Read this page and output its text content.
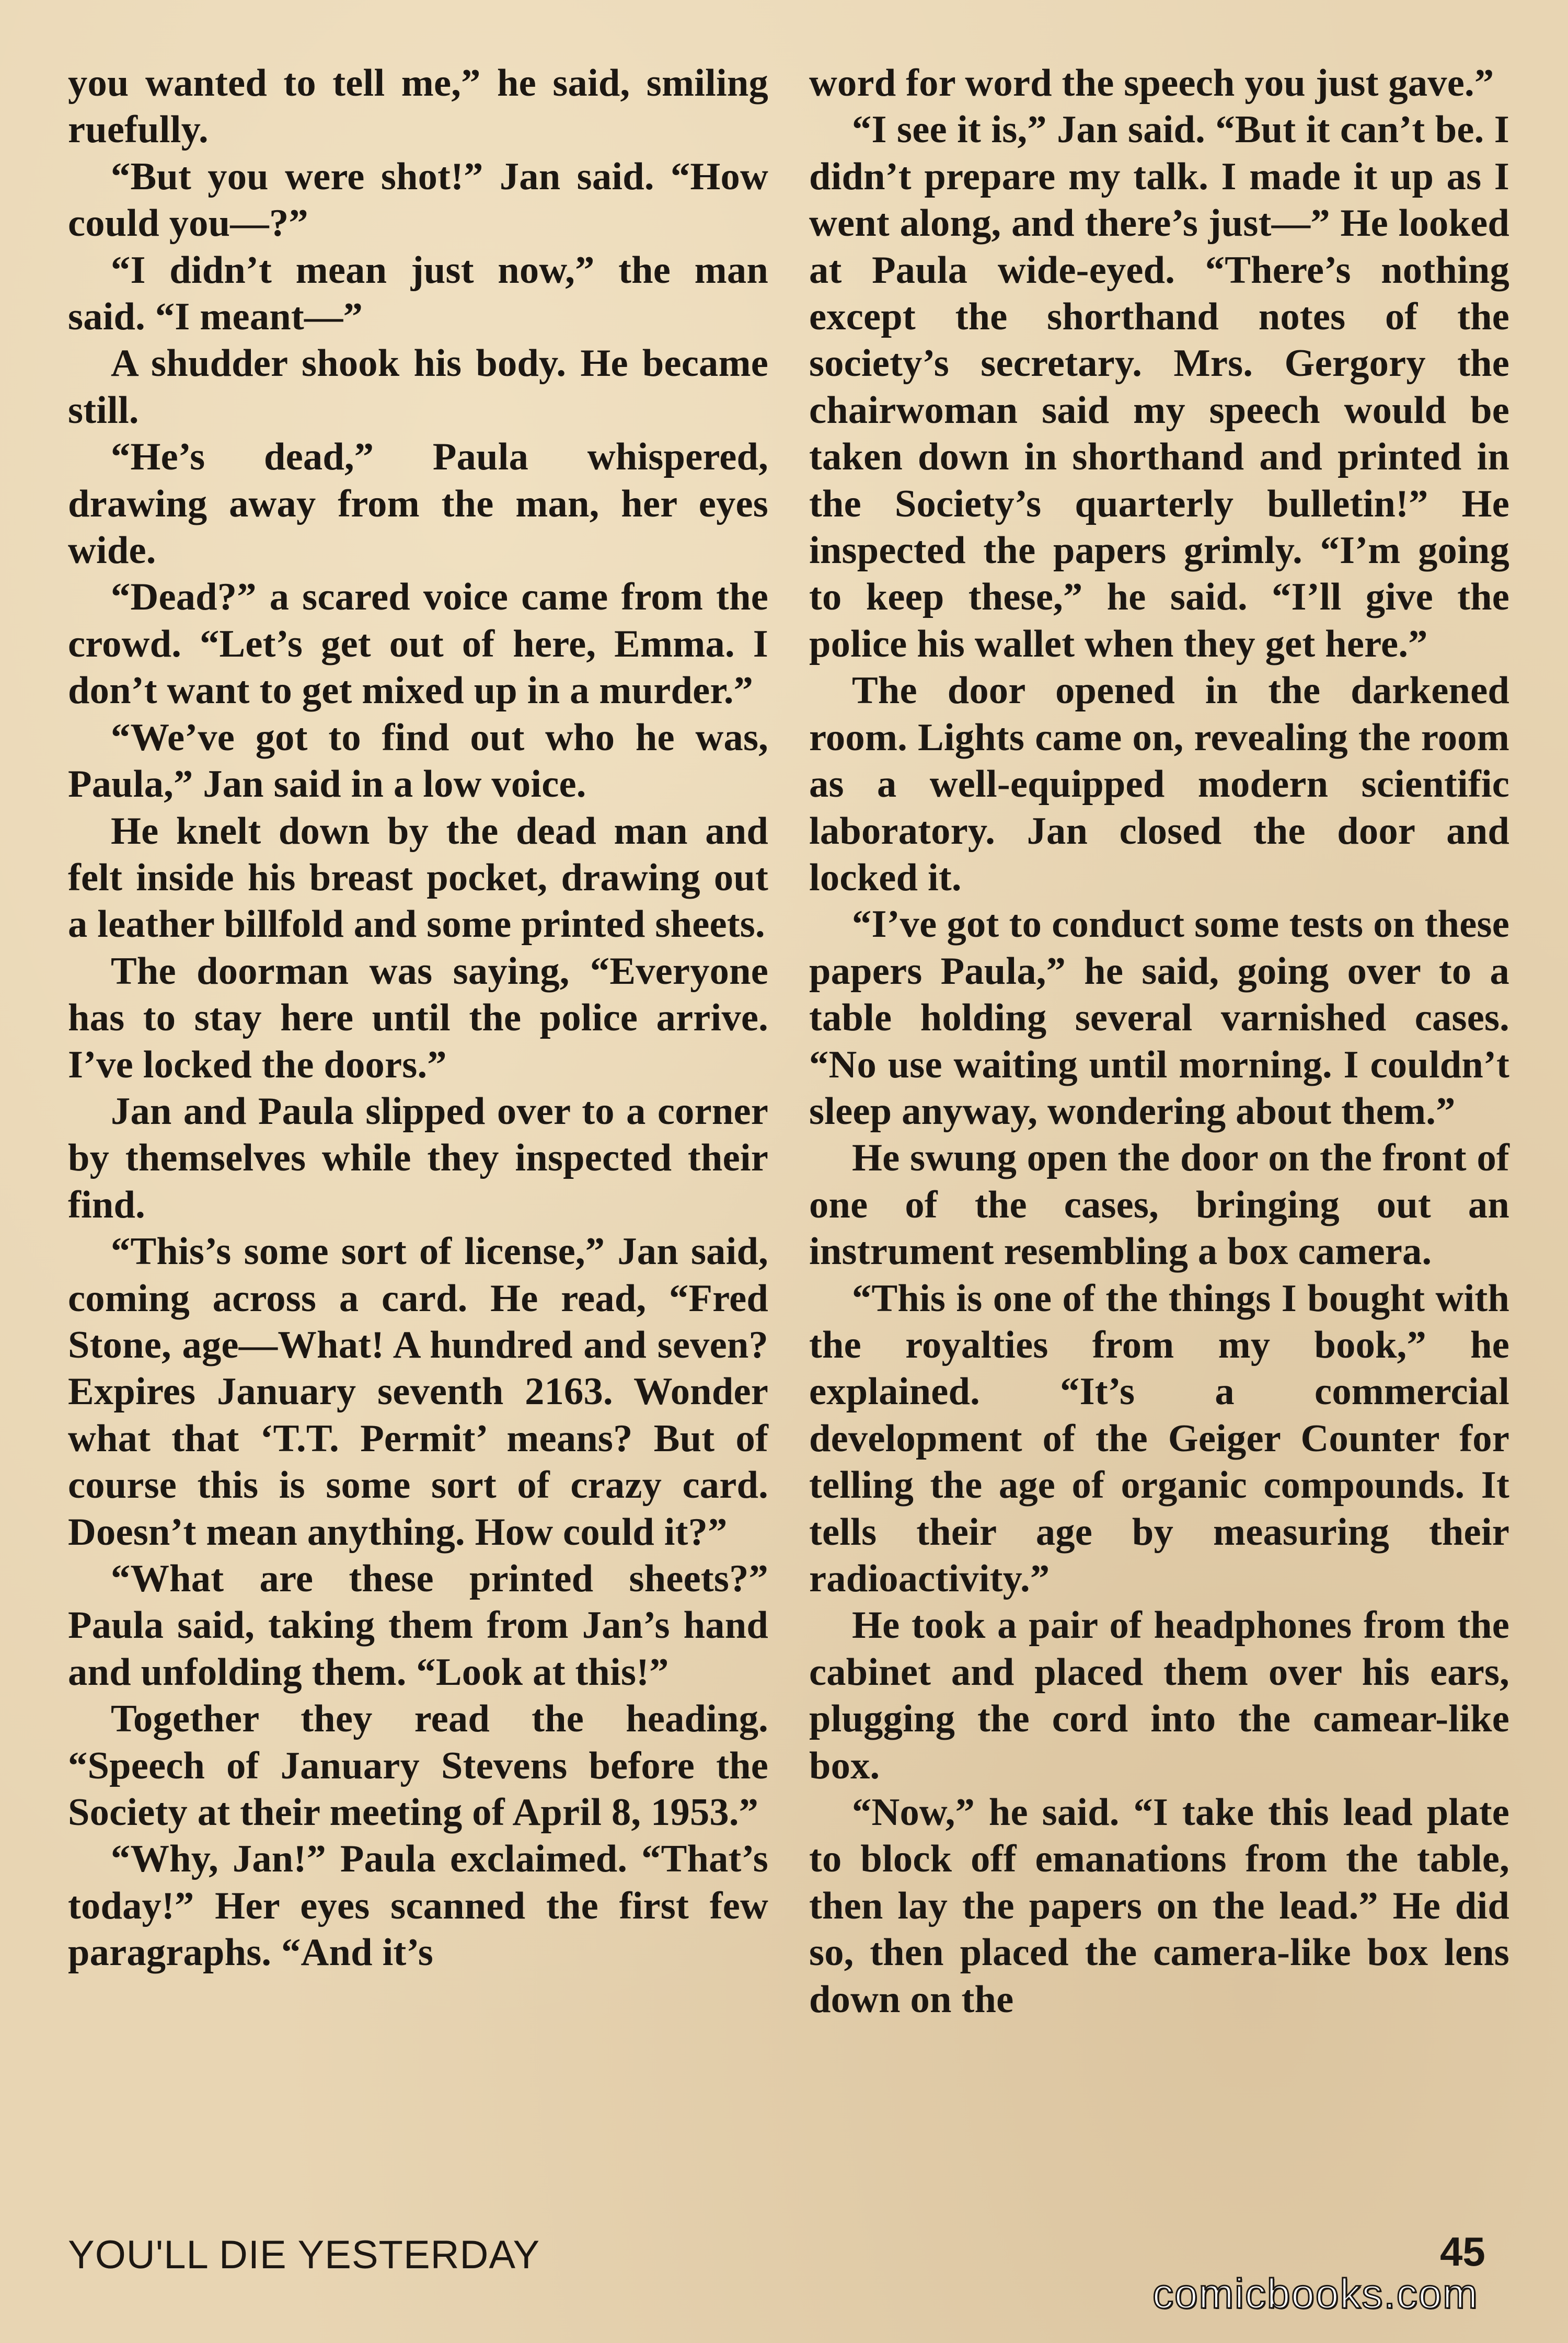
you wanted to tell me,” he said, smiling ruefully.

“But you were shot!” Jan said. “How could you—?”

“I didn’t mean just now,” the man said. “I meant—”

A shudder shook his body. He became still.

“He’s dead,” Paula whispered, drawing away from the man, her eyes wide.

“Dead?” a scared voice came from the crowd. “Let’s get out of here, Emma. I don’t want to get mixed up in a murder.”

“We’ve got to find out who he was, Paula,” Jan said in a low voice.

He knelt down by the dead man and felt inside his breast pocket, drawing out a leather billfold and some printed sheets.

The doorman was saying, “Everyone has to stay here until the police arrive. I’ve locked the doors.”

Jan and Paula slipped over to a corner by themselves while they inspected their find.

“This’s some sort of license,” Jan said, coming across a card. He read, “Fred Stone, age—What! A hundred and seven? Expires January seventh 2163. Wonder what that ‘T.T. Permit’ means? But of course this is some sort of crazy card. Doesn’t mean anything. How could it?”

“What are these printed sheets?” Paula said, taking them from Jan’s hand and unfolding them. “Look at this!”

Together they read the heading. “Speech of January Stevens before the Society at their meeting of April 8, 1953.”

“Why, Jan!” Paula exclaimed. “That’s today!” Her eyes scanned the first few paragraphs. “And it’s

word for word the speech you just gave.”

“I see it is,” Jan said. “But it can’t be. I didn’t prepare my talk. I made it up as I went along, and there’s just—” He looked at Paula wide-eyed. “There’s nothing except the shorthand notes of the society’s secretary. Mrs. Gergory the chairwoman said my speech would be taken down in shorthand and printed in the Society’s quarterly bulletin!” He inspected the papers grimly. “I’m going to keep these,” he said. “I’ll give the police his wallet when they get here.”

The door opened in the darkened room. Lights came on, revealing the room as a well-equipped modern scientific laboratory. Jan closed the door and locked it.

“I’ve got to conduct some tests on these papers Paula,” he said, going over to a table holding several varnished cases. “No use waiting until morning. I couldn’t sleep anyway, wondering about them.”

He swung open the door on the front of one of the cases, bringing out an instrument resembling a box camera.

“This is one of the things I bought with the royalties from my book,” he explained. “It’s a commercial development of the Geiger Counter for telling the age of organic compounds. It tells their age by measuring their radioactivity.”

He took a pair of headphones from the cabinet and placed them over his ears, plugging the cord into the camear-like box.

“Now,” he said. “I take this lead plate to block off emanations from the table, then lay the papers on the lead.” He did so, then placed the camera-like box lens down on the

YOU'LL DIE YESTERDAY	45
comicbooks.com
